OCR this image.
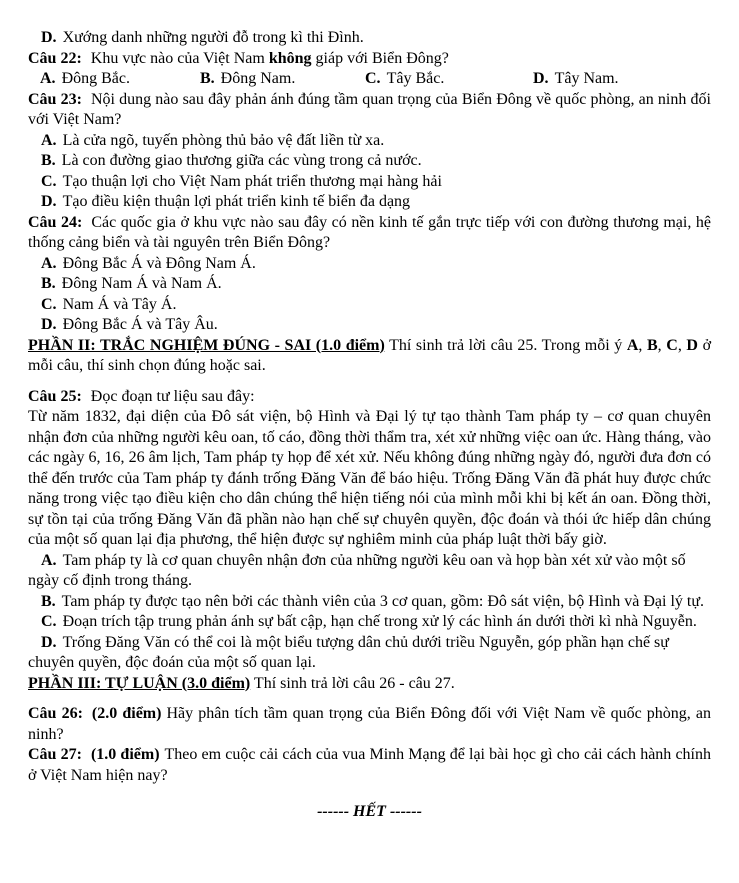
D. Xướng danh những người đỗ trong kì thi Đình.

Câu 22: Khu vực nào của Việt Nam không giáp với Biển Đông?

A. Đông Bắc.	B. Đông Nam.	C. Tây Bắc.	D. Tây Nam.

Câu 23: Nội dung nào sau đây phản ánh đúng tầm quan trọng của Biển Đông về quốc phòng, an ninh đối với Việt Nam?

A. Là cửa ngõ, tuyến phòng thủ bảo vệ đất liền từ xa.

B. Là con đường giao thương giữa các vùng trong cả nước.

C. Tạo thuận lợi cho Việt Nam phát triển thương mại hàng hải

D. Tạo điều kiện thuận lợi phát triển kinh tế biển đa dạng

Câu 24: Các quốc gia ở khu vực nào sau đây có nền kinh tế gắn trực tiếp với con đường thương mại, hệ thống cảng biển và tài nguyên trên Biển Đông?

A. Đông Bắc Á và Đông Nam Á.

B. Đông Nam Á và Nam Á.

C. Nam Á và Tây Á.

D. Đông Bắc Á và Tây Âu.

PHẦN II: TRẮC NGHIỆM ĐÚNG - SAI (1.0 điểm) Thí sinh trả lời câu 25. Trong mỗi ý A, B, C, D ở mỗi câu, thí sinh chọn đúng hoặc sai.

Câu 25: Đọc đoạn tư liệu sau đây:

Từ năm 1832, đại diện của Đô sát viện, bộ Hình và Đại lý tự tạo thành Tam pháp ty – cơ quan chuyên nhận đơn của những người kêu oan, tố cáo, đồng thời thẩm tra, xét xử những việc oan ức. Hàng tháng, vào các ngày 6, 16, 26 âm lịch, Tam pháp ty họp để xét xử. Nếu không đúng những ngày đó, người đưa đơn có thể đến trước của Tam pháp ty đánh trống Đăng Văn để báo hiệu. Trống Đăng Văn đã phát huy được chức năng trong việc tạo điều kiện cho dân chúng thể hiện tiếng nói của mình mỗi khi bị kết án oan. Đồng thời, sự tồn tại của trống Đăng Văn đã phần nào hạn chế sự chuyên quyền, độc đoán và thói ức hiếp dân chúng của một số quan lại địa phương, thể hiện được sự nghiêm minh của pháp luật thời bấy giờ.

A. Tam pháp ty là cơ quan chuyên nhận đơn của những người kêu oan và họp bàn xét xử vào một số ngày cố định trong tháng.

B. Tam pháp ty được tạo nên bởi các thành viên của 3 cơ quan, gồm: Đô sát viện, bộ Hình và Đại lý tự.

C. Đoạn trích tập trung phản ánh sự bất cập, hạn chế trong xử lý các hình án dưới thời kì nhà Nguyễn.

D. Trống Đăng Văn có thể coi là một biểu tượng dân chủ dưới triều Nguyễn, góp phần hạn chế sự chuyên quyền, độc đoán của một số quan lại.

PHẦN III: TỰ LUẬN (3.0 điểm) Thí sinh trả lời câu 26 - câu 27.

Câu 26: (2.0 điểm) Hãy phân tích tầm quan trọng của Biển Đông đối với Việt Nam về quốc phòng, an ninh?

Câu 27: (1.0 điểm) Theo em cuộc cải cách của vua Minh Mạng để lại bài học gì cho cải cách hành chính ở Việt Nam hiện nay?

------ HẾT ------
